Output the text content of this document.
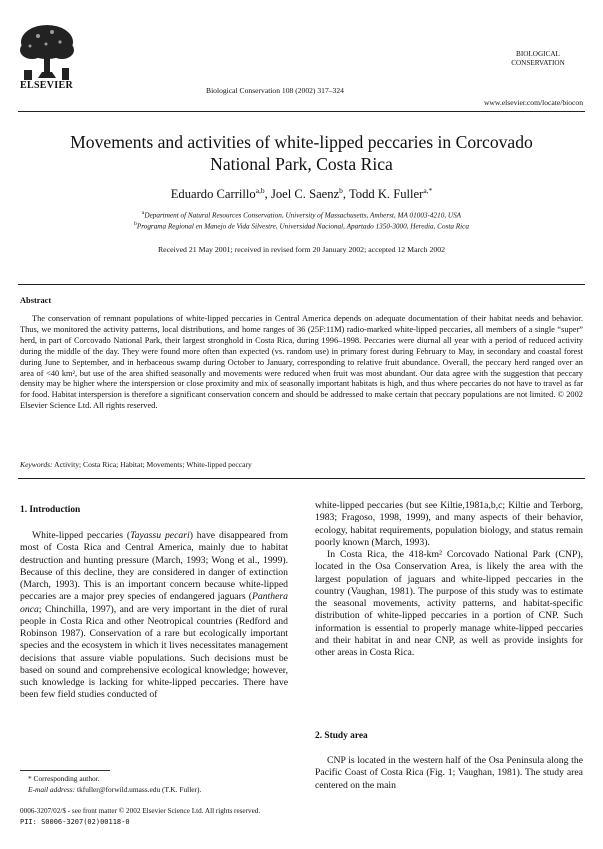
ELSEVIER	Biological Conservation 108 (2002) 317–324
BIOLOGICAL
CONSERVATION
www.elsevier.com/locate/biocon
Movements and activities of white-lipped peccaries in Corcovado
National Park, Costa Rica
Eduardo Carrillo$^{a,b}$, Joel C. Saenz$^b$, Todd K. Fuller$^{a,*}$
$^a$Department of Natural Resources Conservation, University of Massachusetts, Amherst, MA 01003-4210, USA
$^b$Programa Regional en Manejo de Vida Silvestre, Universidad Nacional, Apartado 1350-3000, Heredia, Costa Rica
Received 21 May 2001; received in revised form 20 January 2002; accepted 12 March 2002
Abstract

The conservation of remnant populations of white-lipped peccaries in Central America depends on adequate documentation of their habitat needs and behavior. Thus, we monitored the activity patterns, local distributions, and home ranges of 36 (25F:11M) radio-marked white-lipped peccaries, all members of a single “super” herd, in part of Corcovado National Park, their largest stronghold in Costa Rica, during 1996–1998. Peccaries were diurnal all year with a period of reduced activity during the middle of the day. They were found more often than expected (vs. random use) in primary forest during February to May, in secondary and coastal forest during June to September, and in herbaceous swamp during October to January, corresponding to relative fruit abundance. Overall, the peccary herd ranged over an area of <40 km², but use of the area shifted seasonally and movements were reduced when fruit was most abundant. Our data agree with the suggestion that peccary density may be higher where the interspersion or close proximity and mix of seasonally important habitats is high, and thus where peccaries do not have to travel as far for food. Habitat interspersion is therefore a significant conservation concern and should be addressed to make certain that peccary populations are not limited. © 2002 Elsevier Science Ltd. All rights reserved.

Keywords: Activity; Costa Rica; Habitat; Movements; White-lipped peccary

1. Introduction

White-lipped peccaries (Tayassu pecari) have disappeared from most of Costa Rica and Central America, mainly due to habitat destruction and hunting pressure (March, 1993; Wong et al., 1999). Because of this decline, they are considered in danger of extinction (March, 1993). This is an important concern because white-lipped peccaries are a major prey species of endangered jaguars (Panthera onca; Chinchilla, 1997), and are very important in the diet of rural people in Costa Rica and other Neotropical countries (Redford and Robinson 1987). Conservation of a rare but ecologically important species and the ecosystem in which it lives necessitates management decisions that assure viable populations. Such decisions must be based on sound and comprehensive ecological knowledge; however, such knowledge is lacking for white-lipped peccaries. There have been few field studies conducted of

white-lipped peccaries (but see Kiltie,1981a,b,c; Kiltie and Terborg, 1983; Fragoso, 1998, 1999), and many aspects of their behavior, ecology, habitat requirements, population biology, and status remain poorly known (March, 1993).

In Costa Rica, the 418-km² Corcovado National Park (CNP), located in the Osa Conservation Area, is likely the area with the largest population of jaguars and white-lipped peccaries in the country (Vaughan, 1981). The purpose of this study was to estimate the seasonal movements, activity patterns, and habitat-specific distribution of white-lipped peccaries in a portion of CNP. Such information is essential to properly manage white-lipped peccaries and their habitat in and near CNP, as well as provide insights for other areas in Costa Rica.

2. Study area

CNP is located in the western half of the Osa Peninsula along the Pacific Coast of Costa Rica (Fig. 1; Vaughan, 1981). The study area centered on the main

* Corresponding author.
E-mail address: tkfuller@forwild.umass.edu (T.K. Fuller).
0006-3207/02/$ - see front matter © 2002 Elsevier Science Ltd. All rights reserved.
PII: S0006-3207(02)00118-0
